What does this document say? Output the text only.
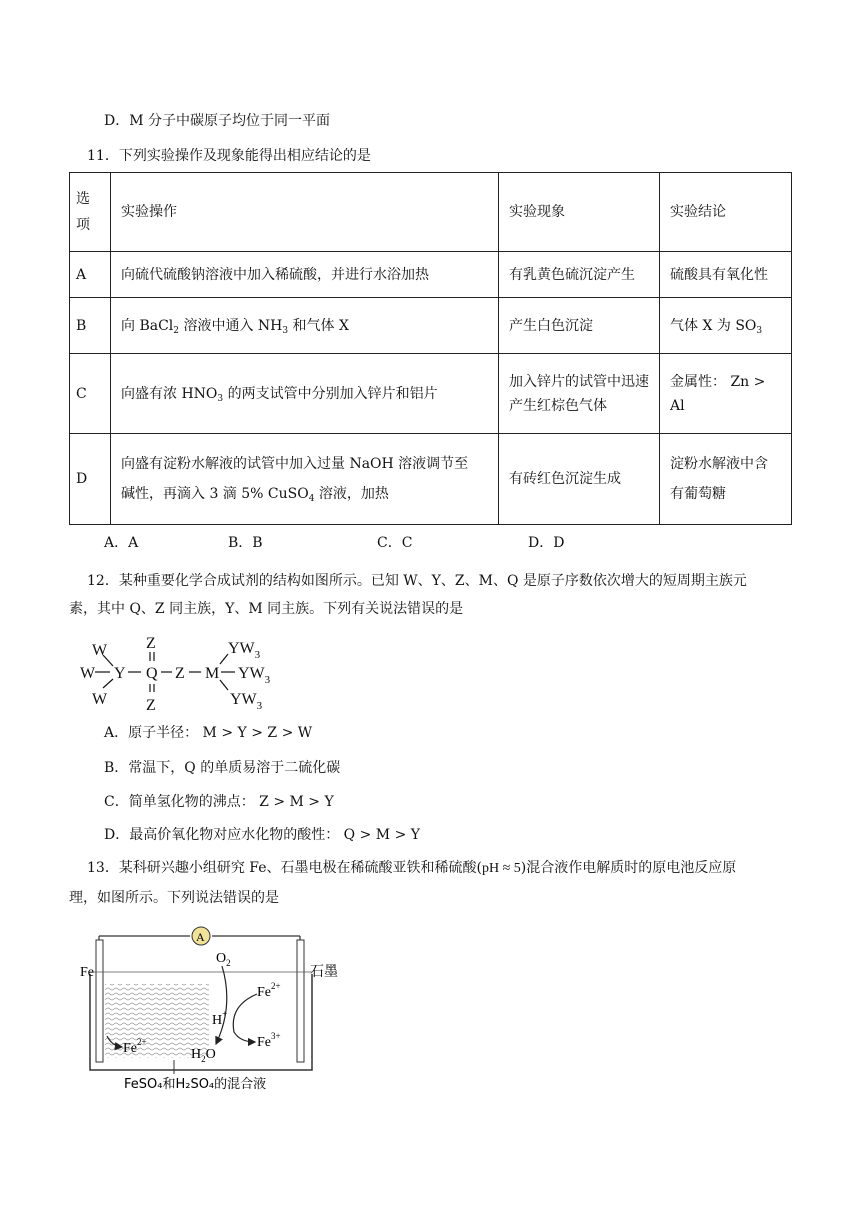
D．M 分子中碳原子均位于同一平面
11．下列实验操作及现象能得出相应结论的是
选项	实验操作	实验现象	实验结论
A	向硫代硫酸钠溶液中加入稀硫酸，并进行水浴加热	有乳黄色硫沉淀产生	硫酸具有氧化性
B	向 BaCl$_2$ 溶液中通入 $NH_3$ 和气体 X	产生白色沉淀	气体 X 为 $SO_3$
C	向盛有浓 $HNO_3$ 的两支试管中分别加入锌片和铝片	加入锌片的试管中迅速产生红棕色气体	金属性： Zn > Al
D	向盛有淀粉水解液的试管中加入过量 NaOH 溶液调节至
碱性，再滴入 3 滴 5% CuSO$_4$ 溶液，加热	有砖红色沉淀生成	淀粉水解液中含有葡萄糖
A．A	B．B	C．C	D．D
12．某种重要化学合成试剂的结构如图所示。已知 W、Y、Z、M、Q 是原子序数依次增大的短周期主族元
素，其中 Q、Z 同主族，Y、M 同主族。下列有关说法错误的是
W
W
W
Y
Z
Q
Z
Z M
$YW_3$
$YW_3$
$YW_3$
A．原子半径： M > Y > Z > W
B．常温下，Q 的单质易溶于二硫化碳
C．简单氢化物的沸点： Z > M > Y
D．最高价氧化物对应水化物的酸性： Q > M > Y
13．某科研兴趣小组研究 Fe、石墨电极在稀硫酸亚铁和稀硫酸(pH ≈ 5)混合液作电解质时的原电池反应原
理，如图所示。下列说法错误的是
A
Fe	石墨
$O_2$
$Fe^{2+}$
H+
$Fe^{3+}$
$Fe^{2+}$
$H_2O$
FeSO₄和H₂SO₄的混合液
